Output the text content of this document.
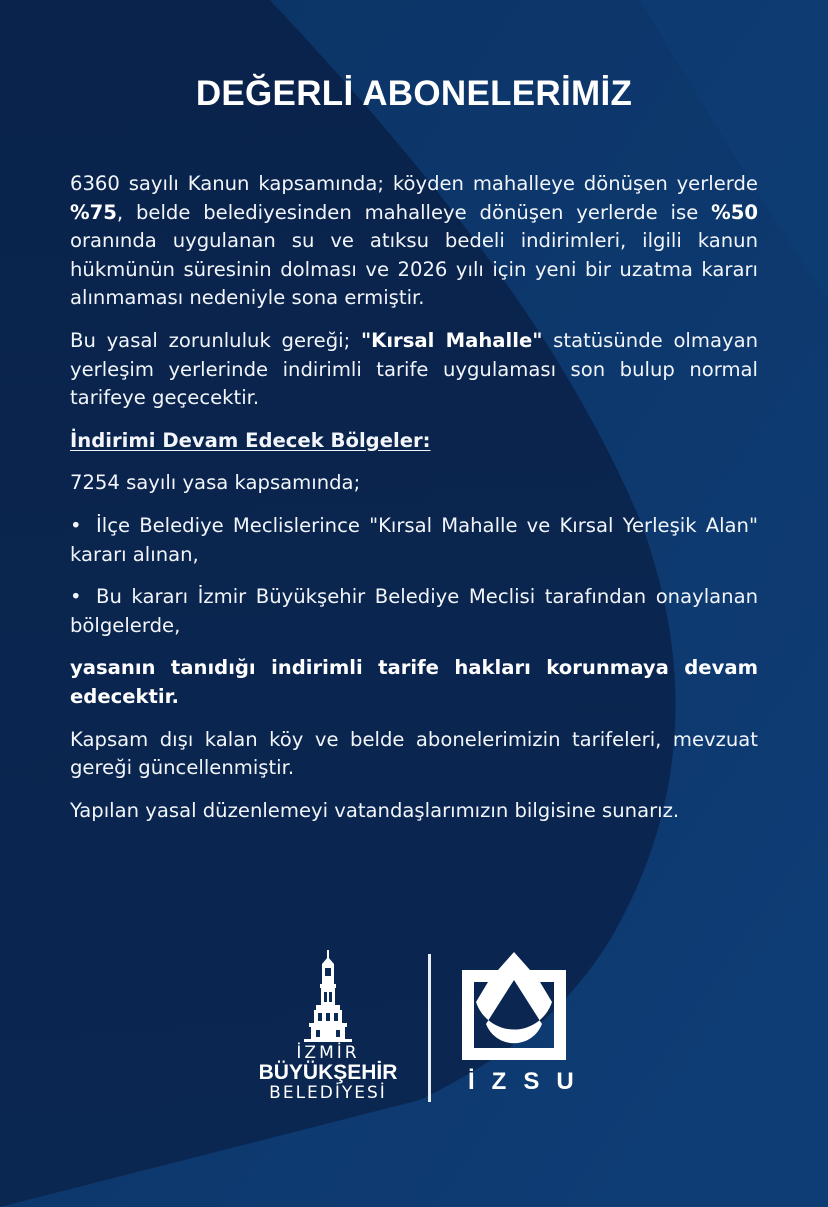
DEĞERLİ ABONELERİMİZ

6360 sayılı Kanun kapsamında; köyden mahalleye dönüşen yerlerde %75, belde belediyesinden mahalleye dönüşen yerlerde ise %50 oranında uygulanan su ve atıksu bedeli indirimleri, ilgili kanun hükmünün süresinin dolması ve 2026 yılı için yeni bir uzatma kararı alınmaması nedeniyle sona ermiştir.

Bu yasal zorunluluk gereği; "Kırsal Mahalle" statüsünde olmayan yerleşim yerlerinde indirimli tarife uygulaması son bulup normal tarifeye geçecektir.

İndirimi Devam Edecek Bölgeler:

7254 sayılı yasa kapsamında;

• İlçe Belediye Meclislerince "Kırsal Mahalle ve Kırsal Yerleşik Alan" kararı alınan,

• Bu kararı İzmir Büyükşehir Belediye Meclisi tarafından onaylanan bölgelerde,

yasanın tanıdığı indirimli tarife hakları korunmaya devam edecektir.

Kapsam dışı kalan köy ve belde abonelerimizin tarifeleri, mevzuat gereği güncellenmiştir.

Yapılan yasal düzenlemeyi vatandaşlarımızın bilgisine sunarız.

İZMİR
BÜYÜKŞEHİR
BELEDİYESİ	İZSU
